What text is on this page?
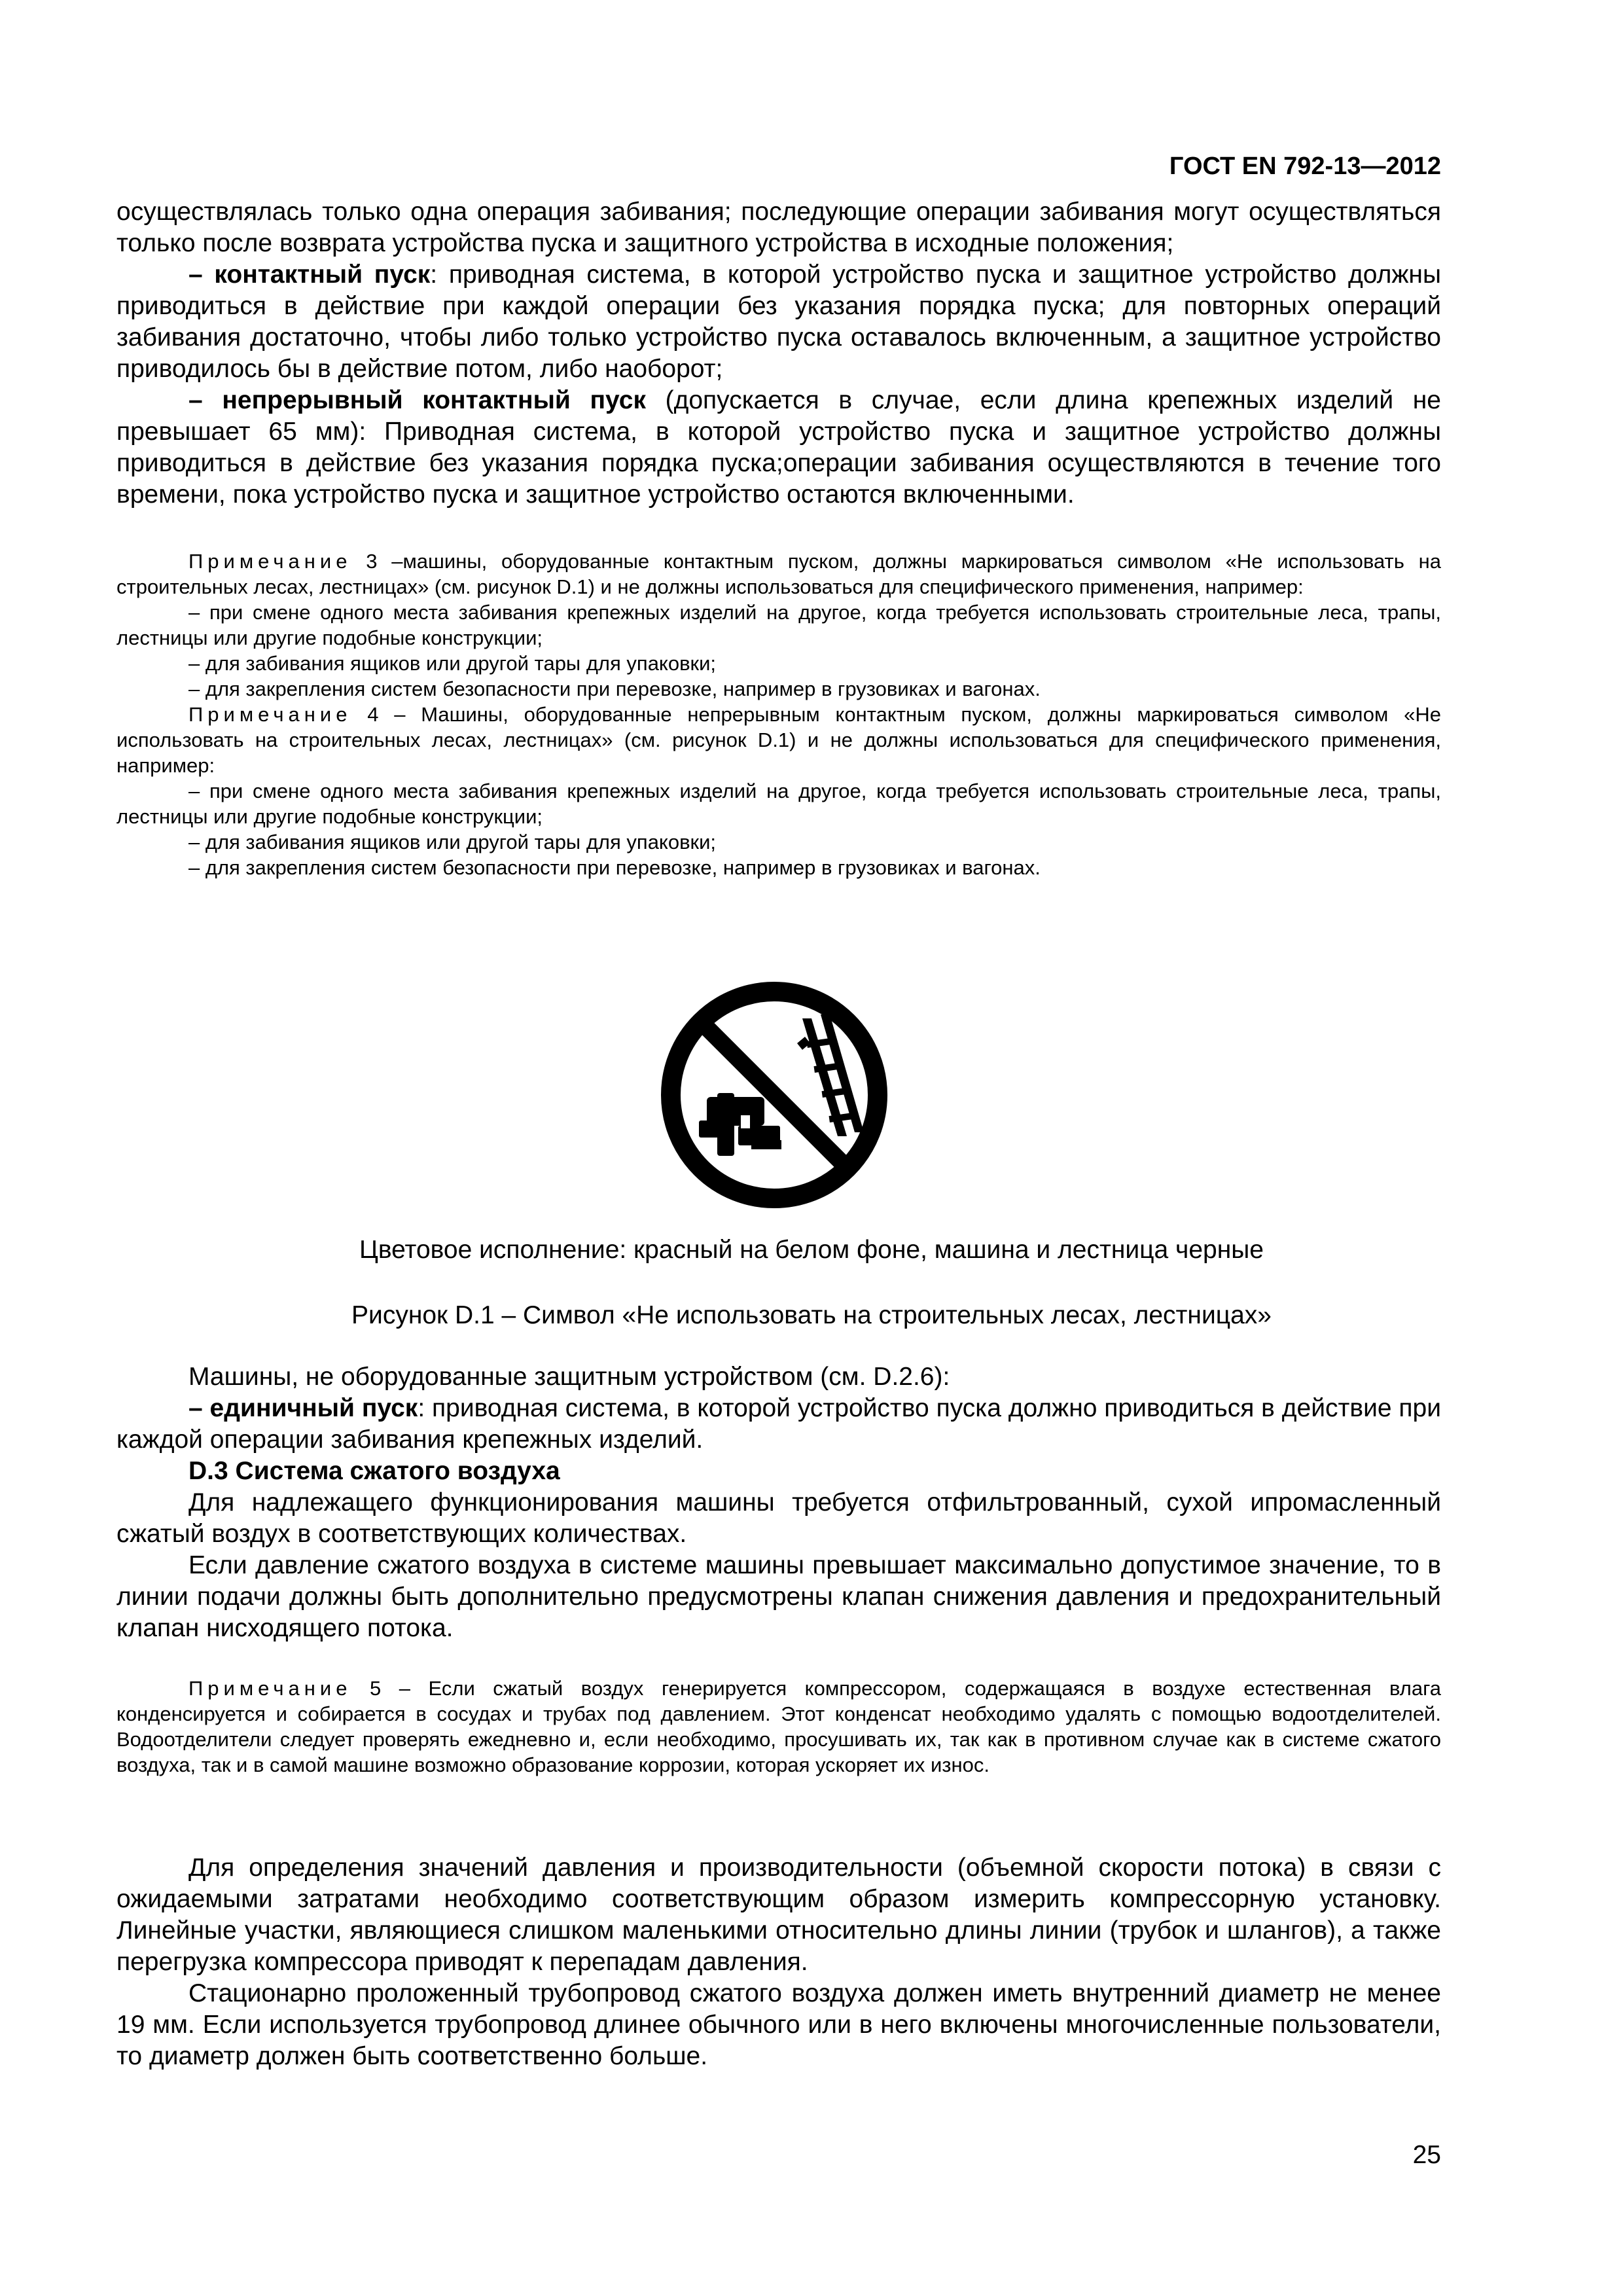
ГОСТ EN 792-13—2012

осуществлялась только одна операция забивания; последующие операции забивания могут осуществляться только после возврата устройства пуска и защитного устройства в исходные положения;

– контактный пуск: приводная система, в которой устройство пуска и защитное устройство должны приводиться в действие при каждой операции без указания порядка пуска; для повторных операций забивания достаточно, чтобы либо только устройство пуска оставалось включенным, а защитное устройство приводилось бы в действие потом, либо наоборот;

– непрерывный контактный пуск (допускается в случае, если длина крепежных изделий не превышает 65 мм): Приводная система, в которой устройство пуска и защитное устройство должны приводиться в действие без указания порядка пуска;операции забивания осуществляются в течение того времени, пока устройство пуска и защитное устройство остаются включенными.

Примечание 3 –машины, оборудованные контактным пуском, должны маркироваться символом «Не использовать на строительных лесах, лестницах» (см. рисунок D.1) и не должны использоваться для специфического применения, например:

– при смене одного места забивания крепежных изделий на другое, когда требуется использовать строительные леса, трапы, лестницы или другие подобные конструкции;

– для забивания ящиков или другой тары для упаковки;

– для закрепления систем безопасности при перевозке, например в грузовиках и вагонах.

Примечание 4 – Машины, оборудованные непрерывным контактным пуском, должны маркироваться символом «Не использовать на строительных лесах, лестницах» (см. рисунок D.1) и не должны использоваться для специфического применения, например:

– при смене одного места забивания крепежных изделий на другое, когда требуется использовать строительные леса, трапы, лестницы или другие подобные конструкции;

– для забивания ящиков или другой тары для упаковки;

– для закрепления систем безопасности при перевозке, например в грузовиках и вагонах.

Цветовое исполнение: красный на белом фоне, машина и лестница черные
Рисунок D.1 – Символ «Не использовать на строительных лесах, лестницах»

Машины, не оборудованные защитным устройством (см. D.2.6):

– единичный пуск: приводная система, в которой устройство пуска должно приводиться в действие при каждой операции забивания крепежных изделий.

D.3 Система сжатого воздуха

Для надлежащего функционирования машины требуется отфильтрованный, сухой ипромасленный сжатый воздух в соответствующих количествах.

Если давление сжатого воздуха в системе машины превышает максимально допустимое значение, то в линии подачи должны быть дополнительно предусмотрены клапан снижения давления и предохранительный клапан нисходящего потока.

Примечание 5 – Если сжатый воздух генерируется компрессором, содержащаяся в воздухе естественная влага конденсируется и собирается в сосудах и трубах под давлением. Этот конденсат необходимо удалять с помощью водоотделителей. Водоотделители следует проверять ежедневно и, если необходимо, просушивать их, так как в противном случае как в системе сжатого воздуха, так и в самой машине возможно образование коррозии, которая ускоряет их износ.

Для определения значений давления и производительности (объемной скорости потока) в связи с ожидаемыми затратами необходимо соответствующим образом измерить компрессорную установку. Линейные участки, являющиеся слишком маленькими относительно длины линии (трубок и шлангов), а также перегрузка компрессора приводят к перепадам давления.

Стационарно проложенный трубопровод сжатого воздуха должен иметь внутренний диаметр не менее 19 мм. Если используется трубопровод длинее обычного или в него включены многочисленные пользователи, то диаметр должен быть соответственно больше.

25
